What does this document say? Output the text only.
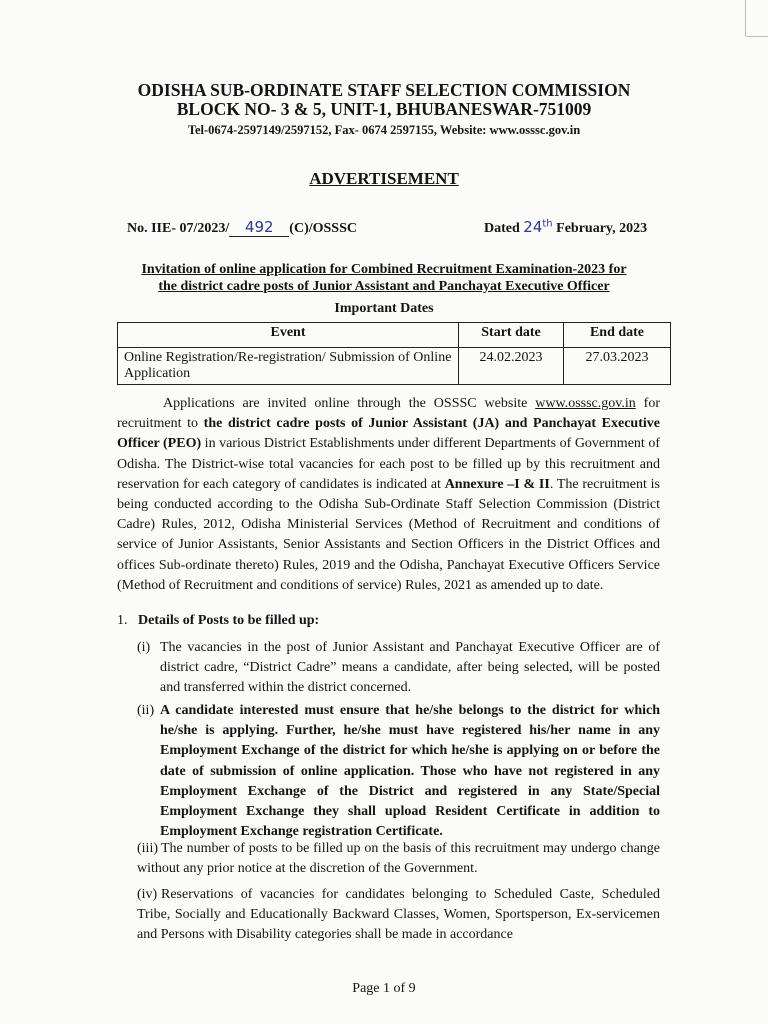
ODISHA SUB-ORDINATE STAFF SELECTION COMMISSION
BLOCK NO- 3 & 5, UNIT-1, BHUBANESWAR-751009
Tel-0674-2597149/2597152, Fax- 0674 2597155, Website: www.osssc.gov.in
ADVERTISEMENT
No. IIE- 07/2023/ 492 (C)/OSSSC	Dated 24th February, 2023
Invitation of online application for Combined Recruitment Examination-2023 for
the district cadre posts of Junior Assistant and Panchayat Executive Officer
Important Dates
Event	Start date	End date
Online Registration/Re-registration/ Submission of Online Application	24.02.2023	27.03.2023
Applications are invited online through the OSSSC website www.osssc.gov.in for recruitment to the district cadre posts of Junior Assistant (JA) and Panchayat Executive Officer (PEO) in various District Establishments under different Departments of Government of Odisha. The District-wise total vacancies for each post to be filled up by this recruitment and reservation for each category of candidates is indicated at Annexure –I & II. The recruitment is being conducted according to the Odisha Sub-Ordinate Staff Selection Commission (District Cadre) Rules, 2012, Odisha Ministerial Services (Method of Recruitment and conditions of service of Junior Assistants, Senior Assistants and Section Officers in the District Offices and offices Sub-ordinate thereto) Rules, 2019 and the Odisha, Panchayat Executive Officers Service (Method of Recruitment and conditions of service) Rules, 2021 as amended up to date.
1. Details of Posts to be filled up:
(i) The vacancies in the post of Junior Assistant and Panchayat Executive Officer are of district cadre, “District Cadre” means a candidate, after being selected, will be posted and transferred within the district concerned.
(ii) A candidate interested must ensure that he/she belongs to the district for which he/she is applying. Further, he/she must have registered his/her name in any Employment Exchange of the district for which he/she is applying on or before the date of submission of online application. Those who have not registered in any Employment Exchange of the District and registered in any State/Special Employment Exchange they shall upload Resident Certificate in addition to Employment Exchange registration Certificate.
(iii) The number of posts to be filled up on the basis of this recruitment may undergo change without any prior notice at the discretion of the Government.
(iv) Reservations of vacancies for candidates belonging to Scheduled Caste, Scheduled Tribe, Socially and Educationally Backward Classes, Women, Sportsperson, Ex-servicemen and Persons with Disability categories shall be made in accordance
Page 1 of 9
